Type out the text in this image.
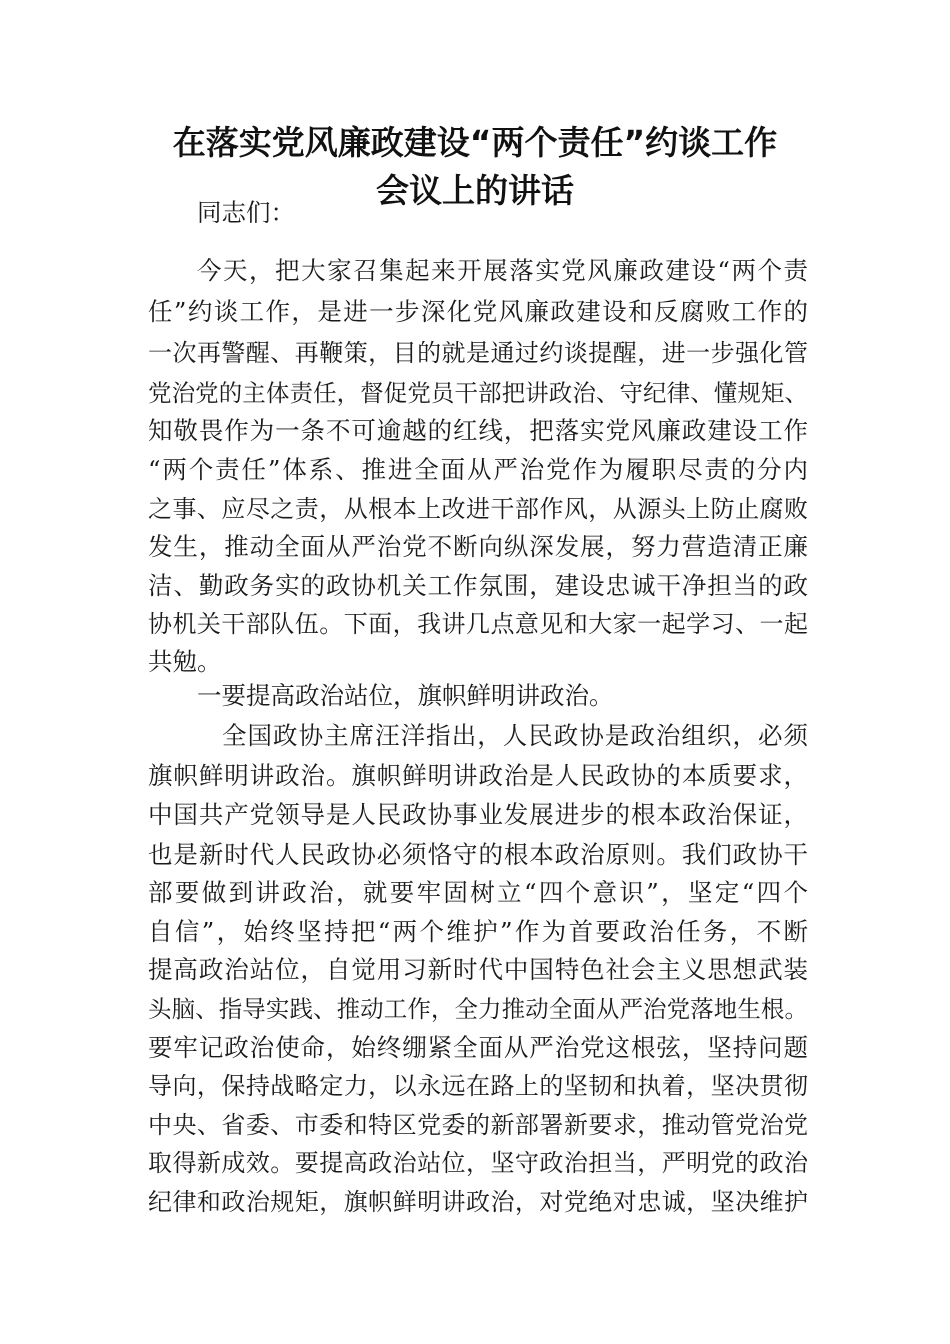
在落实党风廉政建设“两个责任”约谈工作
会议上的讲话
同志们：
今天，把大家召集起来开展落实党风廉政建设“两个责
任”约谈工作，是进一步深化党风廉政建设和反腐败工作的
一次再警醒、再鞭策，目的就是通过约谈提醒，进一步强化管
党治党的主体责任，督促党员干部把讲政治、守纪律、懂规矩、
知敬畏作为一条不可逾越的红线，把落实党风廉政建设工作
“两个责任”体系、推进全面从严治党作为履职尽责的分内
之事、应尽之责，从根本上改进干部作风，从源头上防止腐败
发生，推动全面从严治党不断向纵深发展，努力营造清正廉
洁、勤政务实的政协机关工作氛围，建设忠诚干净担当的政
协机关干部队伍。下面，我讲几点意见和大家一起学习、一起
共勉。
一要提高政治站位，旗帜鲜明讲政治。
全国政协主席汪洋指出，人民政协是政治组织，必须
旗帜鲜明讲政治。旗帜鲜明讲政治是人民政协的本质要求，
中国共产党领导是人民政协事业发展进步的根本政治保证，
也是新时代人民政协必须恪守的根本政治原则。我们政协干
部要做到讲政治，就要牢固树立“四个意识”，坚定“四个
自信”，始终坚持把“两个维护”作为首要政治任务，不断
提高政治站位，自觉用习新时代中国特色社会主义思想武装
头脑、指导实践、推动工作，全力推动全面从严治党落地生根。
要牢记政治使命，始终绷紧全面从严治党这根弦，坚持问题
导向，保持战略定力，以永远在路上的坚韧和执着，坚决贯彻
中央、省委、市委和特区党委的新部署新要求，推动管党治党
取得新成效。要提高政治站位，坚守政治担当，严明党的政治
纪律和政治规矩，旗帜鲜明讲政治，对党绝对忠诚，坚决维护
